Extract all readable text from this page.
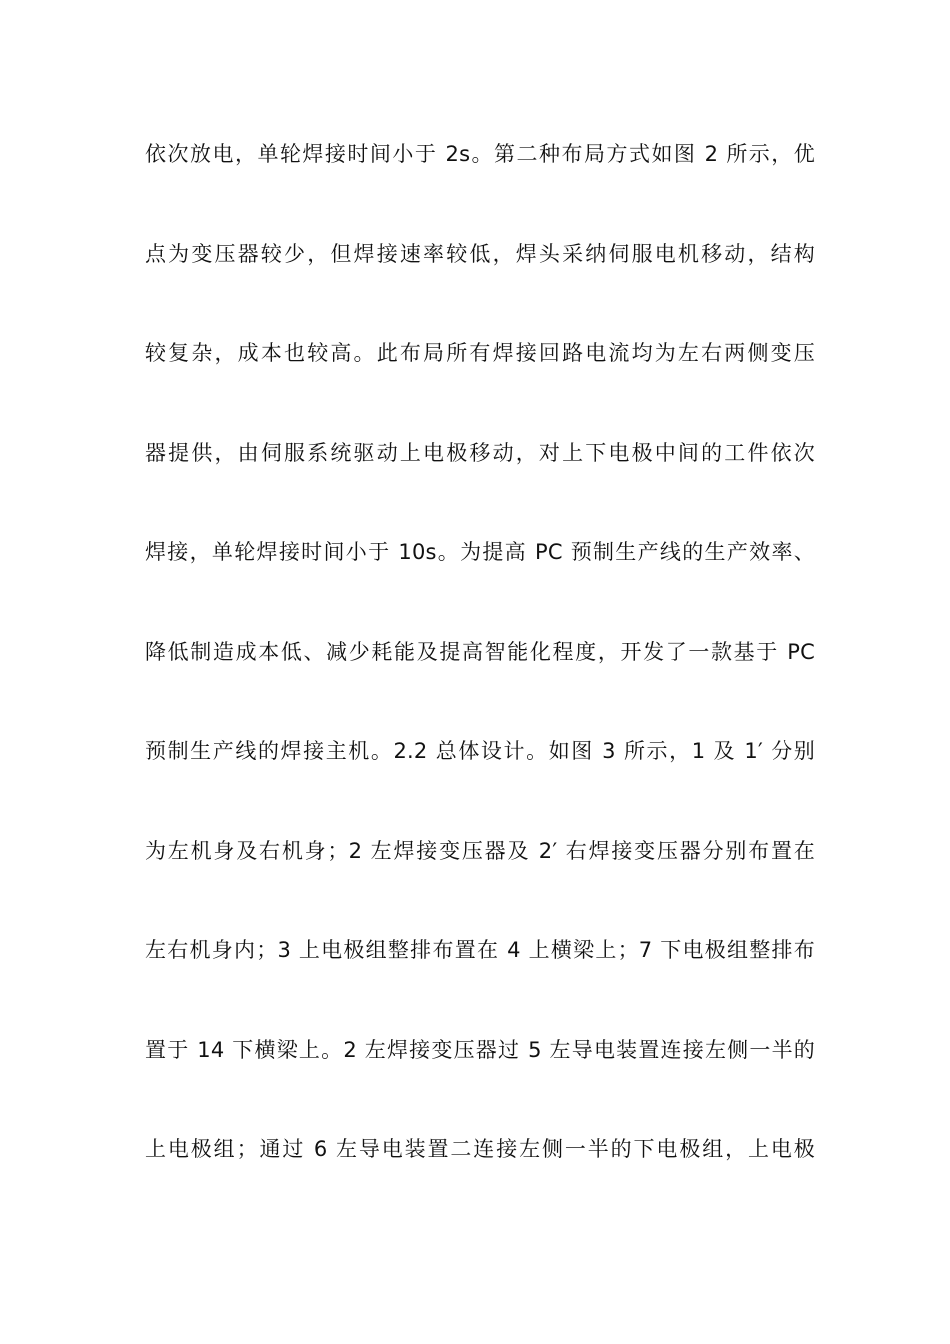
依次放电，单轮焊接时间小于 2s。第二种布局方式如图 2 所示，优
点为变压器较少，但焊接速率较低，焊头采纳伺服电机移动，结构
较复杂，成本也较高。此布局所有焊接回路电流均为左右两侧变压
器提供，由伺服系统驱动上电极移动，对上下电极中间的工件依次
焊接，单轮焊接时间小于 10s。为提高 PC 预制生产线的生产效率、
降低制造成本低、减少耗能及提高智能化程度，开发了一款基于 PC
预制生产线的焊接主机。2.2 总体设计。如图 3 所示，1 及 1′ 分别
为左机身及右机身；2 左焊接变压器及 2′ 右焊接变压器分别布置在
左右机身内；3 上电极组整排布置在 4 上横梁上；7 下电极组整排布
置于 14 下横梁上。2 左焊接变压器过 5 左导电装置连接左侧一半的
上电极组；通过 6 左导电装置二连接左侧一半的下电极组，上电极
